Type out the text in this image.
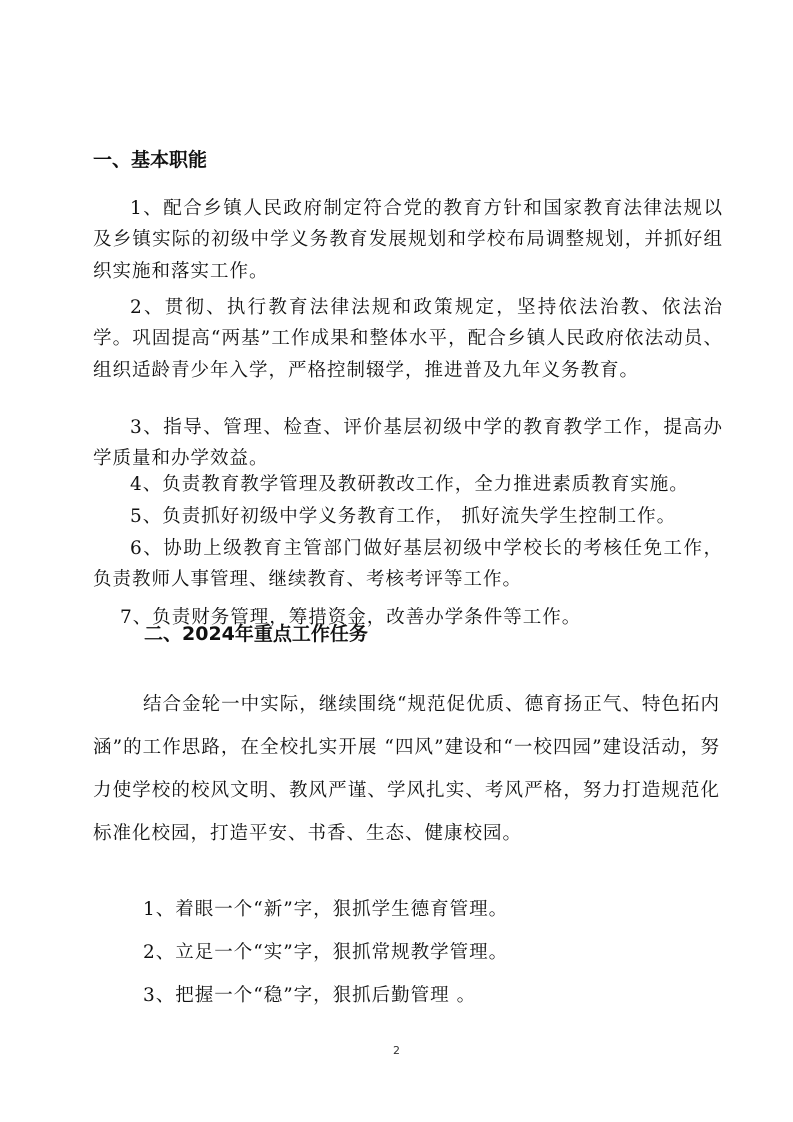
一、基本职能

1、配合乡镇人民政府制定符合党的教育方针和国家教育法律法规以及乡镇实际的初级中学义务教育发展规划和学校布局调整规划，并抓好组织实施和落实工作。

2、贯彻、执行教育法律法规和政策规定，坚持依法治教、依法治学。巩固提高“两基”工作成果和整体水平，配合乡镇人民政府依法动员、组织适龄青少年入学，严格控制辍学，推进普及九年义务教育。

3、指导、管理、检查、评价基层初级中学的教育教学工作，提高办学质量和办学效益。

4、负责教育教学管理及教研教改工作，全力推进素质教育实施。

5、负责抓好初级中学义务教育工作， 抓好流失学生控制工作。

6、协助上级教育主管部门做好基层初级中学校长的考核任免工作，负责教师人事管理、继续教育、考核考评等工作。

7、负责财务管理，筹措资金，改善办学条件等工作。

二、2024年重点工作任务

结合金轮一中实际，继续围绕“规范促优质、德育扬正气、特色拓内涵”的工作思路，在全校扎实开展 “四风”建设和“一校四园”建设活动，努力使学校的校风文明、教风严谨、学风扎实、考风严格，努力打造规范化标准化校园，打造平安、书香、生态、健康校园。

1、着眼一个“新”字，狠抓学生德育管理。

2、立足一个“实”字，狠抓常规教学管理。

3、把握一个“稳”字，狠抓后勤管理 。

2
